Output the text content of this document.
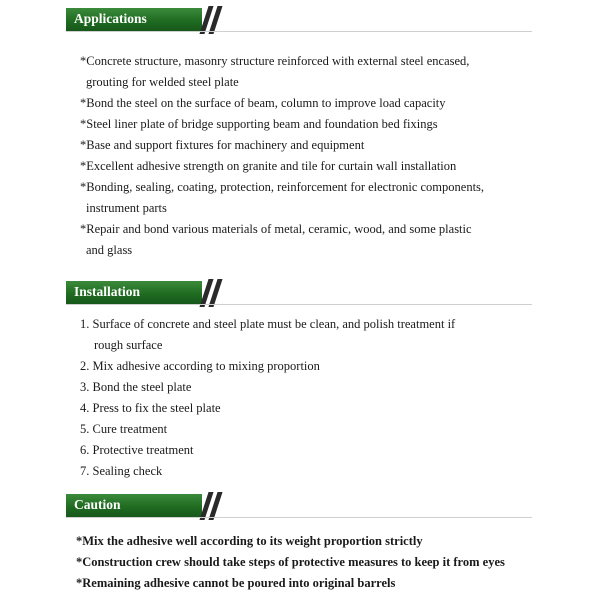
Applications
*Concrete structure, masonry structure reinforced with external steel encased,
grouting for welded steel plate
*Bond the steel on the surface of beam, column to improve load capacity
*Steel liner plate of bridge supporting beam and foundation bed fixings
*Base and support fixtures for machinery and equipment
*Excellent adhesive strength on granite and tile for curtain wall installation
*Bonding, sealing, coating, protection, reinforcement for electronic components,
instrument parts
*Repair and bond various materials of metal, ceramic, wood, and some plastic
and glass
Installation
1. Surface of concrete and steel plate must be clean, and polish treatment if
rough surface
2. Mix adhesive according to mixing proportion
3. Bond the steel plate
4. Press to fix the steel plate
5. Cure treatment
6. Protective treatment
7. Sealing check
Caution
*Mix the adhesive well according to its weight proportion strictly
*Construction crew should take steps of protective measures to keep it from eyes
*Remaining adhesive cannot be poured into original barrels
